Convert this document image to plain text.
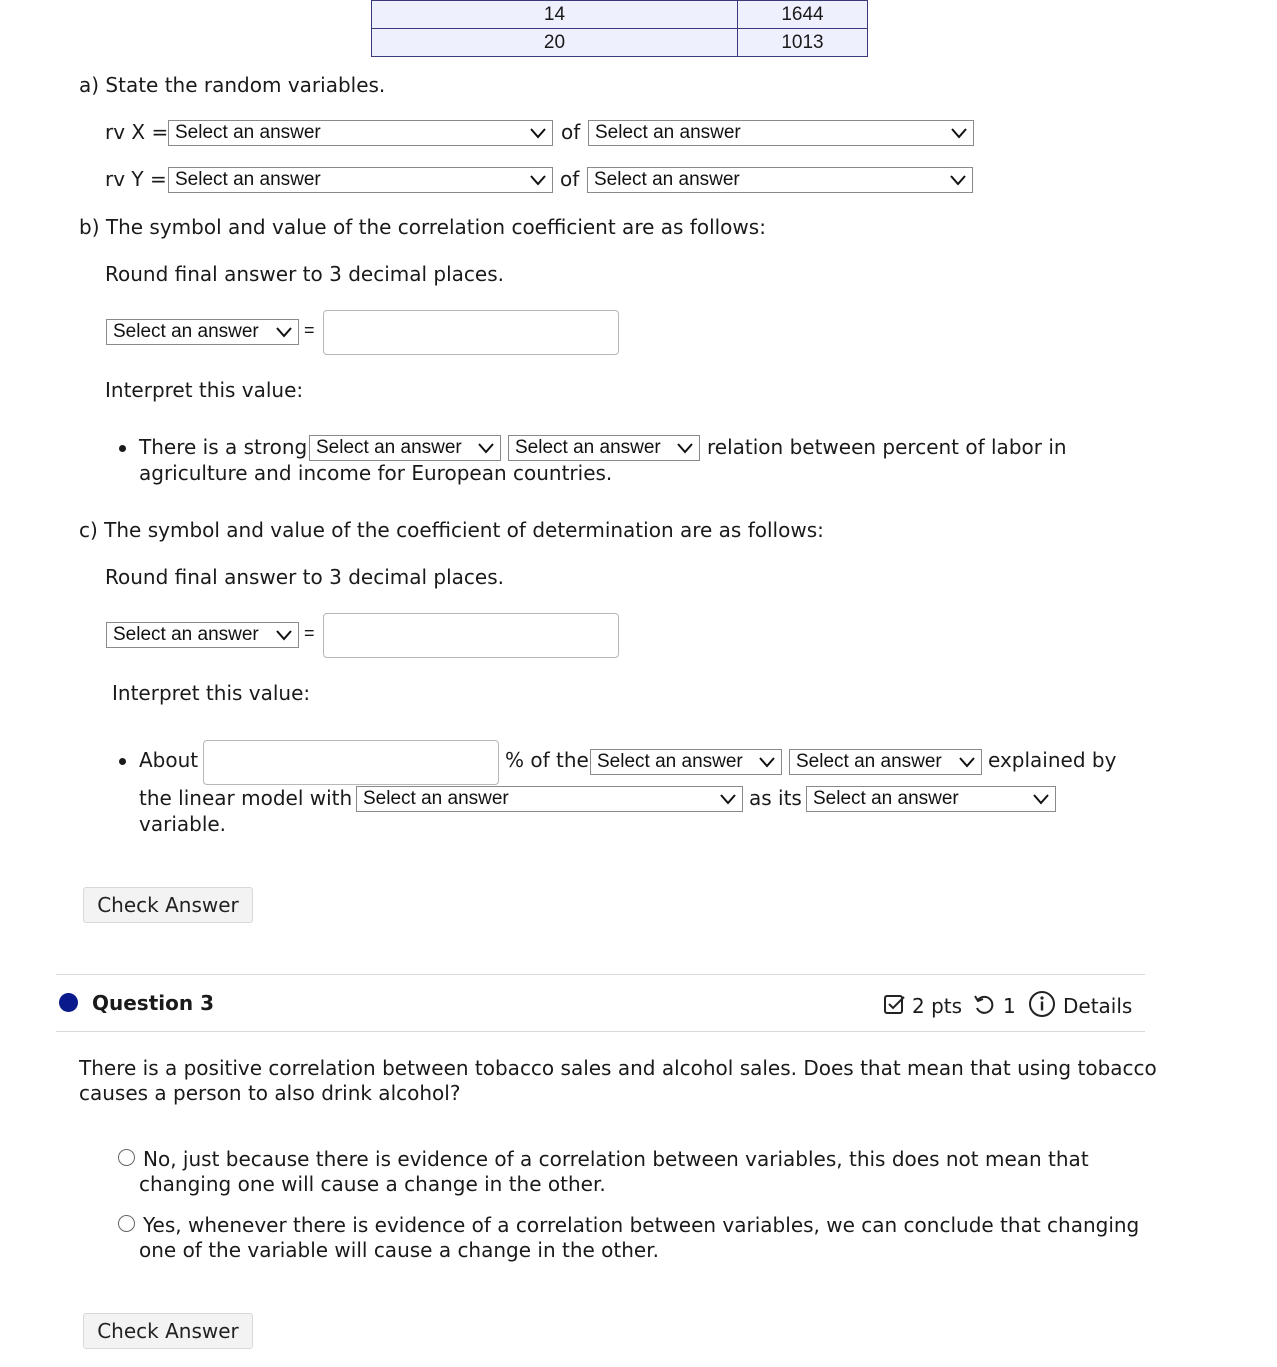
14	1644
20	1013
a) State the random variables.
rv X = Select an answer	of Select an answer
rv Y = Select an answer	of Select an answer
b) The symbol and value of the correlation coefficient are as follows:
Round final answer to 3 decimal places.
Select an answer	=
Interpret this value:
There is a strong Select an answer	Select an answer	relation between percent of labor in
agriculture and income for European countries.
c) The symbol and value of the coefficient of determination are as follows:
Round final answer to 3 decimal places.
Select an answer	=
Interpret this value:
About	% of the Select an answer	Select an answer	explained by
the linear model with Select an answer	as its Select an answer
variable.
Check Answer
Question 3	2 pts 1 Details
There is a positive correlation between tobacco sales and alcohol sales. Does that mean that using tobacco
causes a person to also drink alcohol?
No, just because there is evidence of a correlation between variables, this does not mean that
changing one will cause a change in the other.
Yes, whenever there is evidence of a correlation between variables, we can conclude that changing
one of the variable will cause a change in the other.
Check Answer
